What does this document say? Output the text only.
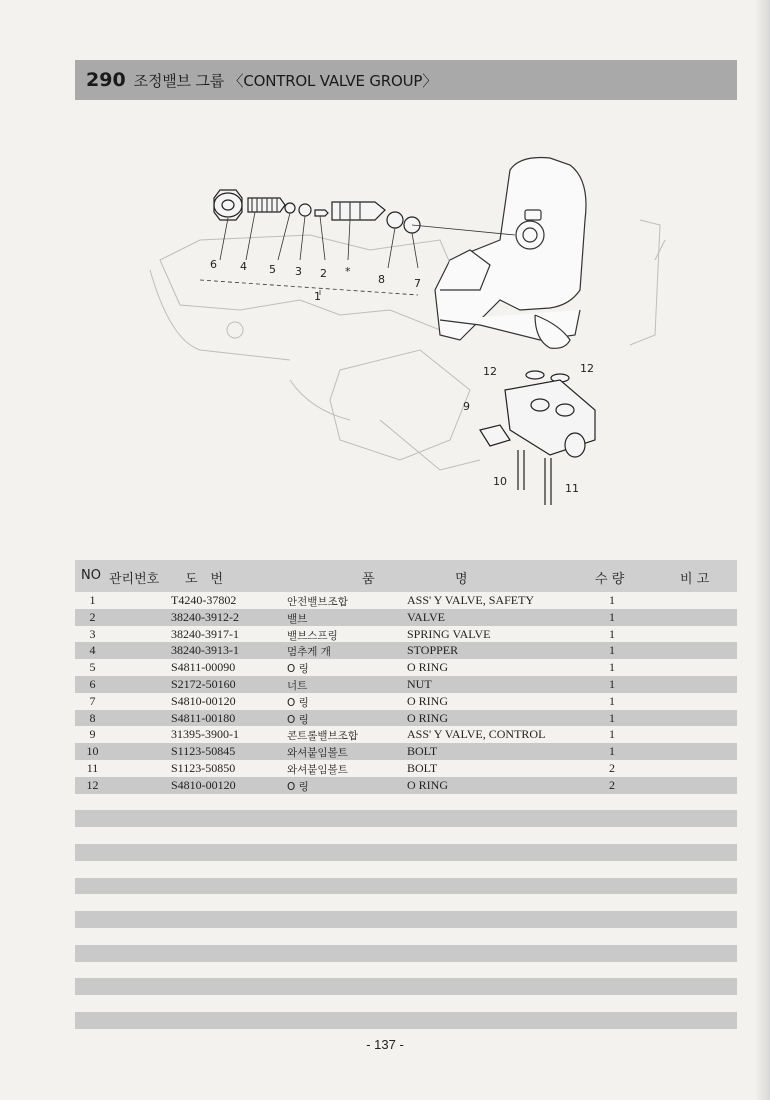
290 조정밸브 그룹 〈CONTROL VALVE GROUP〉
6 4 5 3 2 *
8	7
1
12	12
9
10
11
NO 관리번호 도　번	품	명	수 량	비 고
1	T4240-37802	안전밸브조합	ASS' Y VALVE, SAFETY	1
2	38240-3912-2	밸브	VALVE	1
3	38240-3917-1	밸브스프링	SPRING VALVE	1
4	38240-3913-1	멈추게 개	STOPPER	1
5	S4811-00090	O 링	O RING	1
6	S2172-50160	너트	NUT	1
7	S4810-00120	O 링	O RING	1
8	S4811-00180	O 링	O RING	1
9	31395-3900-1	콘트롤밸브조합	ASS' Y VALVE, CONTROL	1
10	S1123-50845	와셔붙임볼트	BOLT	1
11	S1123-50850	와셔붙임볼트	BOLT	2
12	S4810-00120	O 링	O RING	2
- 137 -
